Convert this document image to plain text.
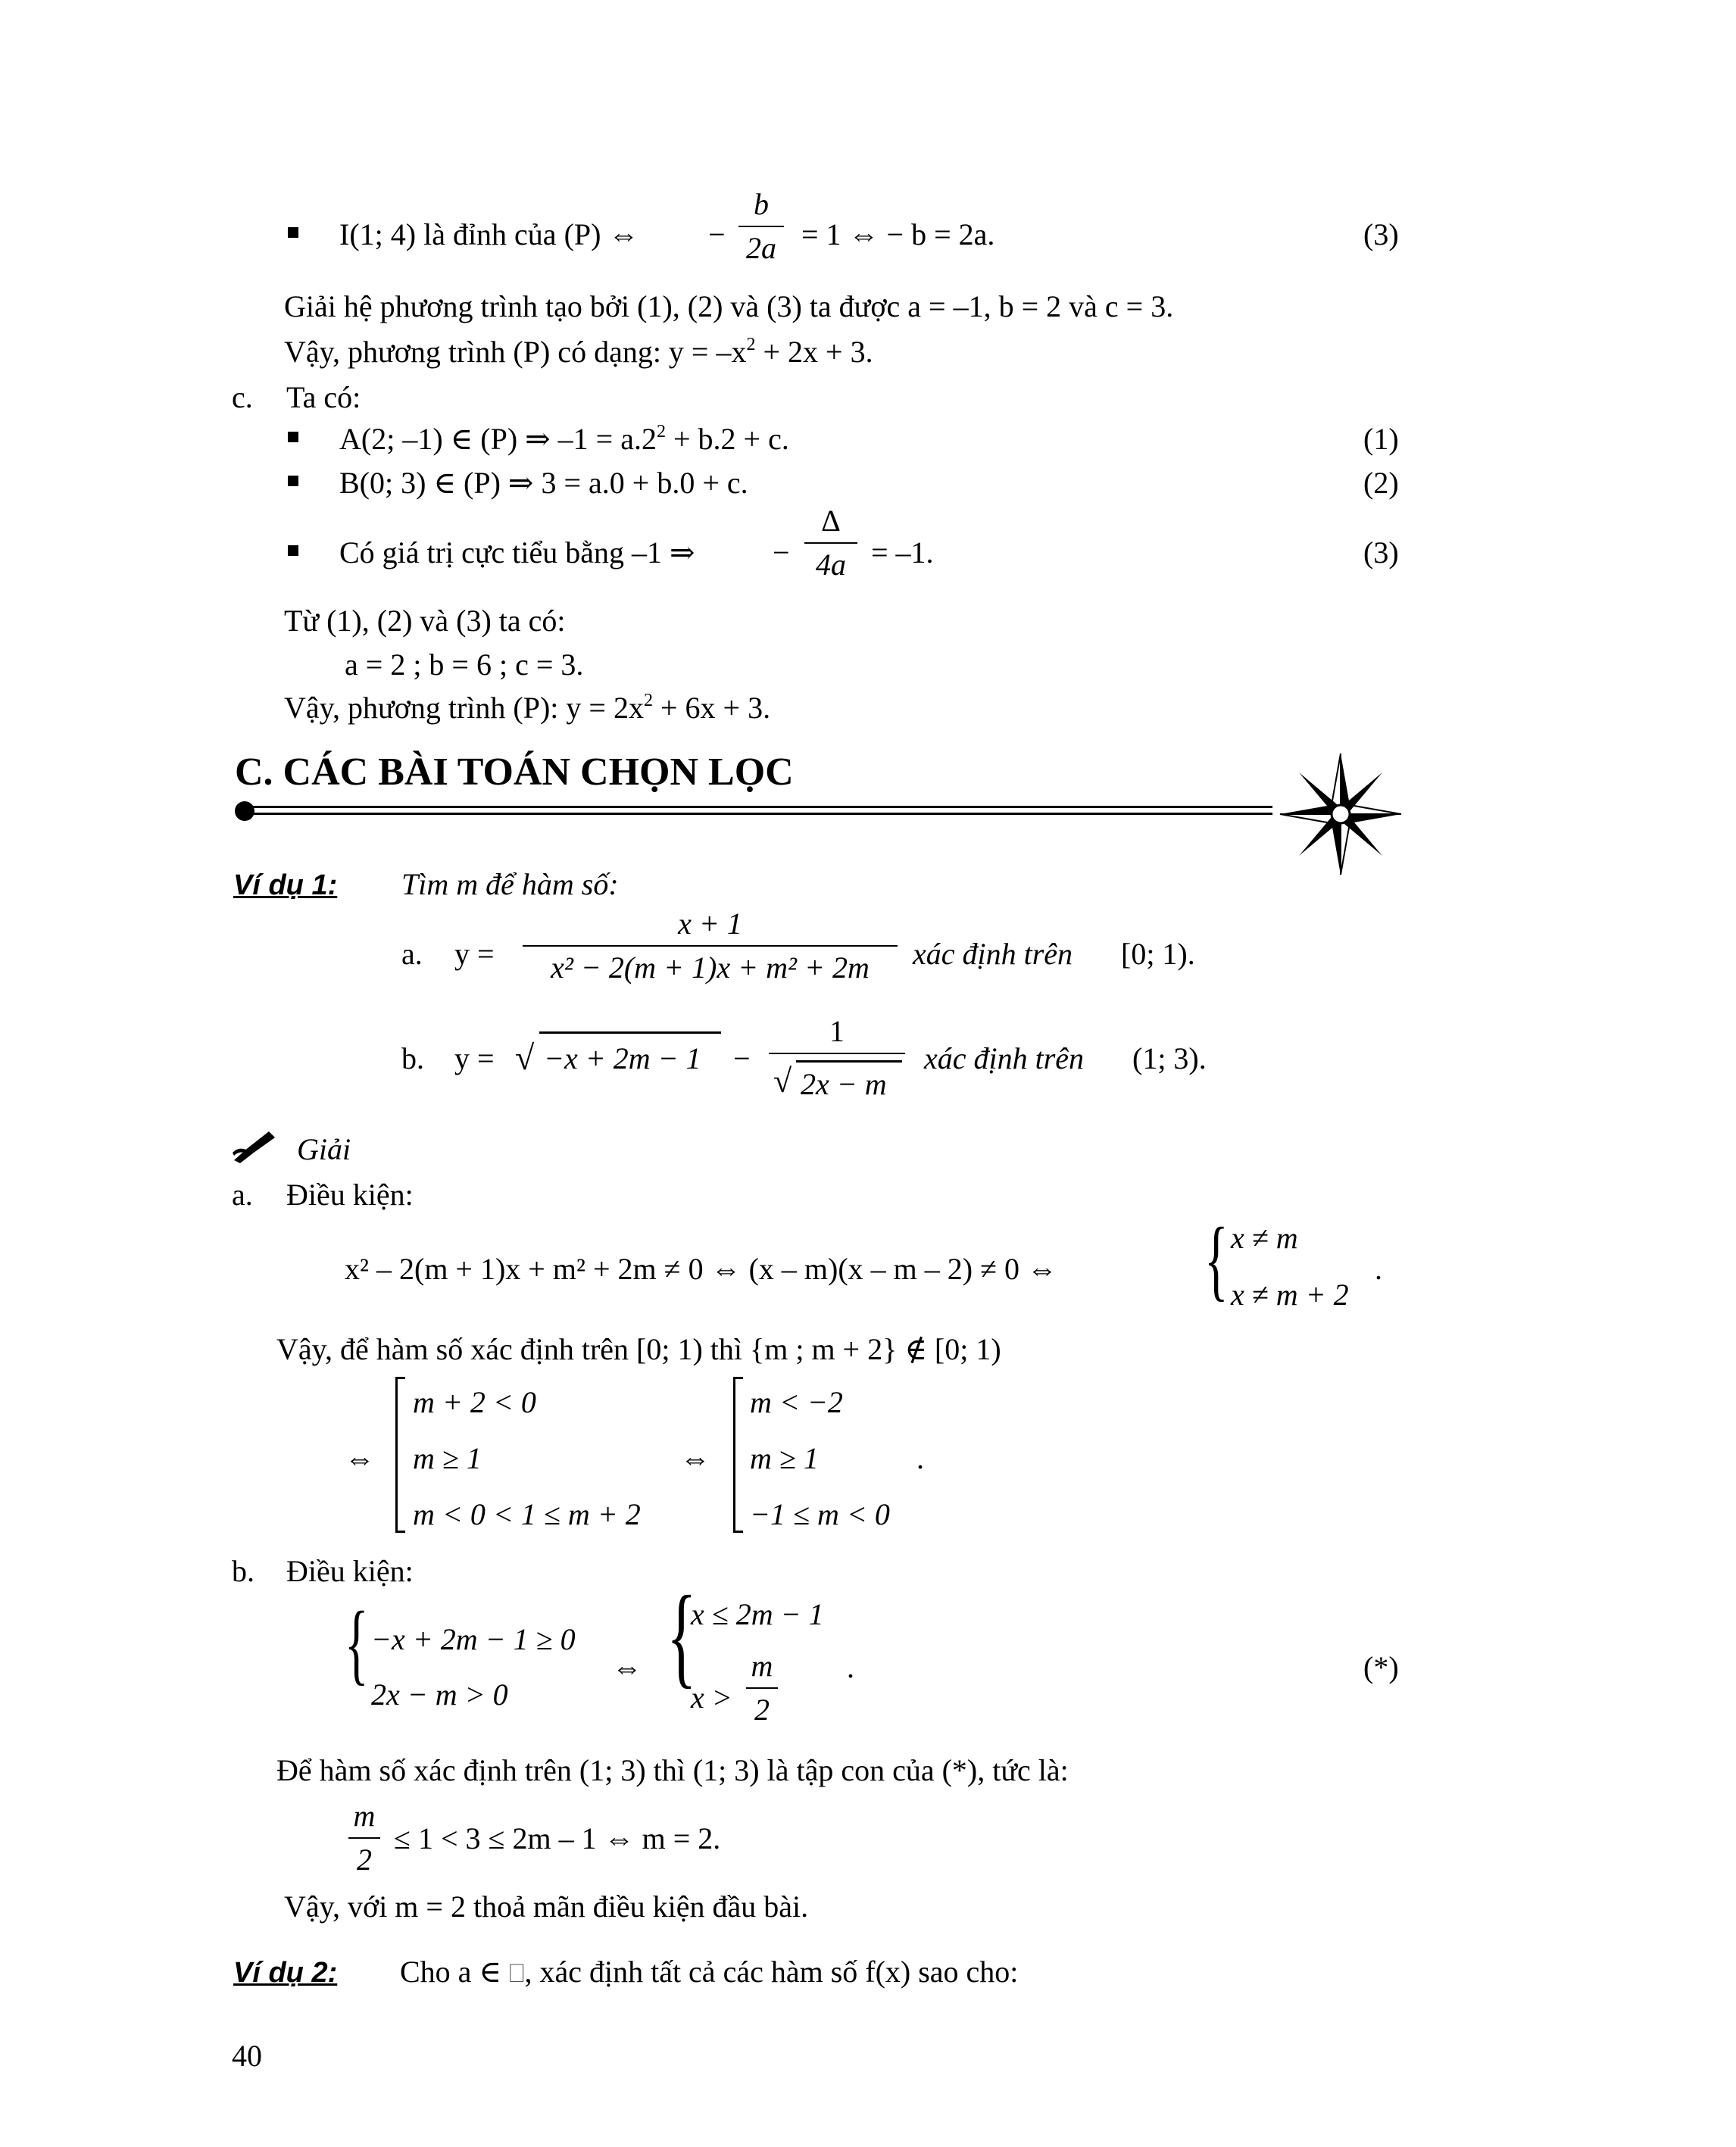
I(1; 4) là đỉnh của (P) ⇔ − $\frac{b}{2a} = 1$ ⇔ − b = 2a.	(3)
Giải hệ phương trình tạo bởi (1), (2) và (3) ta được a = –1, b = 2 và c = 3.
Vậy, phương trình (P) có dạng: $y = -x^2 + 2x + 3$.
c. Ta có:
A(2; –1) ∈ (P) ⇒ $-1 = a.2^2 + b.2 + c$.	(1)
B(0; 3) ∈ (P) ⇒ 3 = a.0 + b.0 + c.	(2)
Có giá trị cực tiểu bằng –1 ⇒	− $\frac{\Delta}{4a} = -1$.	(3)
Từ (1), (2) và (3) ta có:
a = 2 ; b = 6 ; c = 3.
Vậy, phương trình (P): $y = 2x^2 + 6x + 3$.
C. CÁC BÀI TOÁN CHỌN LỌC
Ví dụ 1: Tìm m để hàm số:
a. $y = \frac{x + 1}{\text{x² − 2(m + 1)x + m² + 2m}}$ xác định trên [0; 1).
b. y = √ −x + 2m − 1 −
1
√ 2x − m
xác định trên (1; 3).
Giải
a. Điều kiện:
x² – 2(m + 1)x + m² + 2m ≠ 0 ⇔ (x – m)(x – m – 2) ≠ 0 ⇔ { x ≠ m
x ≠ m + 2
.
Vậy, để hàm số xác định trên [0; 1) thì {m ; m + 2} ∉ [0; 1)
⇔
m + 2 < 0
m ≥ 1
m < 0 < 1 ≤ m + 2
⇔
m < −2
m ≥ 1
−1 ≤ m < 0
.
b. Điều kiện:
{ −x + 2m − 1 ≥ 0
2x − m > 0
⇔ {
x ≤ 2m − 1
$x > \frac{m}{2}$ .	(*)
Để hàm số xác định trên (1; 3) thì (1; 3) là tập con của (*), tức là:
$\frac{m}{2} \le 1 < 3 \le 2m - 1$ ⇔ m = 2.
Vậy, với m = 2 thoả mãn điều kiện đầu bài.
Ví dụ 2: Cho a ∈ ⎕, xác định tất cả các hàm số f(x) sao cho:
40
